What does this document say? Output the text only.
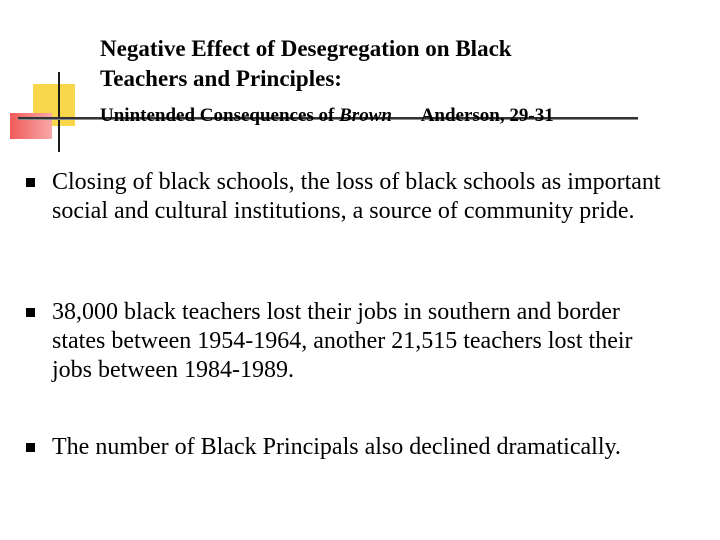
Negative Effect of Desegregation on Black
Teachers and Principles:
Unintended Consequences of Brown Anderson, 29-31
Closing of black schools, the loss of black schools as important social and cultural institutions, a source of community pride.
38,000 black teachers lost their jobs in southern and border states between 1954-1964, another 21,515 teachers lost their jobs between 1984-1989.
The number of Black Principals also declined dramatically.
